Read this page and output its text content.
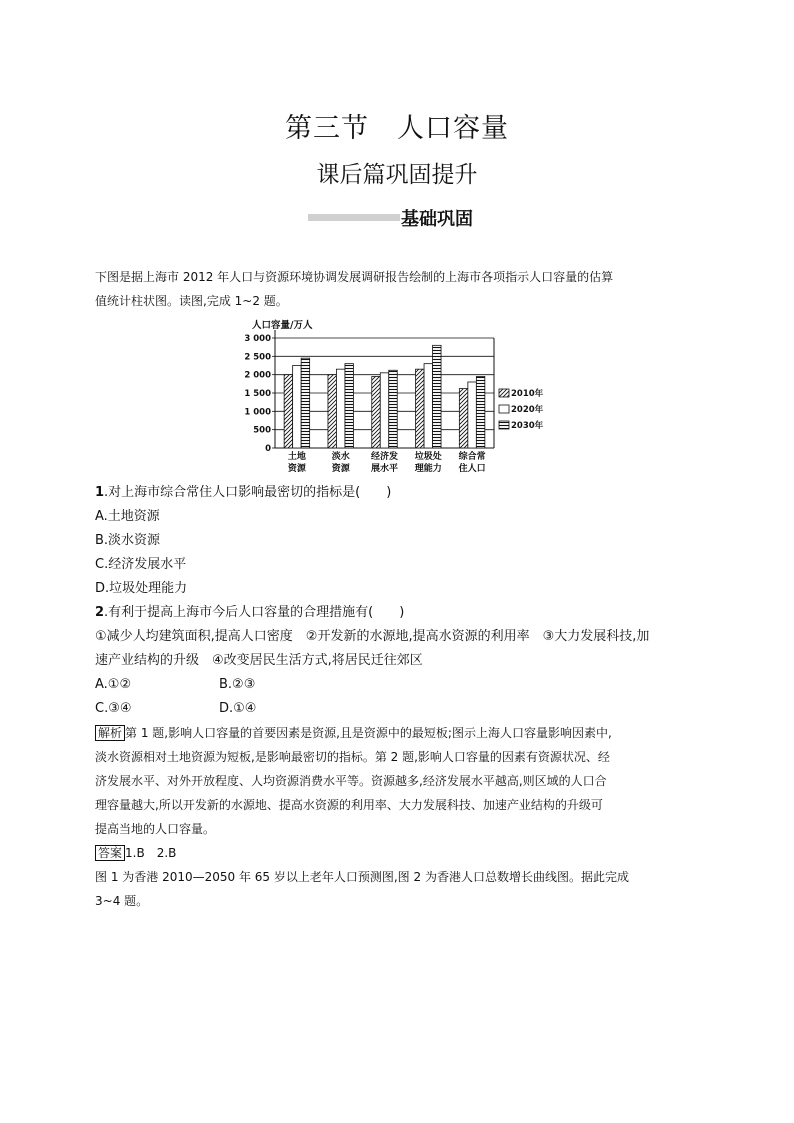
第三节　人口容量
课后篇巩固提升
基础巩固
下图是据上海市 2012 年人口与资源环境协调发展调研报告绘制的上海市各项指示人口容量的估算
值统计柱状图。读图,完成 1~2 题。
人口容量/万人
0
500
1 000
1 500
2 000
2 500
3 000
土地
资源
淡水
资源
经济发
展水平
垃圾处
理能力
综合常
住人口
2010年
2020年
2030年
1.对上海市综合常住人口影响最密切的指标是(　　)
A.土地资源
B.淡水资源
C.经济发展水平
D.垃圾处理能力
2.有利于提高上海市今后人口容量的合理措施有(　　)
①减少人均建筑面积,提高人口密度　②开发新的水源地,提高水资源的利用率　③大力发展科技,加
速产业结构的升级　④改变居民生活方式,将居民迁往郊区
A.①②	B.②③
C.③④	D.①④
解析 第 1 题,影响人口容量的首要因素是资源,且是资源中的最短板;图示上海人口容量影响因素中,
淡水资源相对土地资源为短板,是影响最密切的指标。第 2 题,影响人口容量的因素有资源状况、经
济发展水平、对外开放程度、人均资源消费水平等。资源越多,经济发展水平越高,则区域的人口合
理容量越大,所以开发新的水源地、提高水资源的利用率、大力发展科技、加速产业结构的升级可
提高当地的人口容量。
答案 1.B　2.B
图 1 为香港 2010—2050 年 65 岁以上老年人口预测图,图 2 为香港人口总数增长曲线图。据此完成
3~4 题。
